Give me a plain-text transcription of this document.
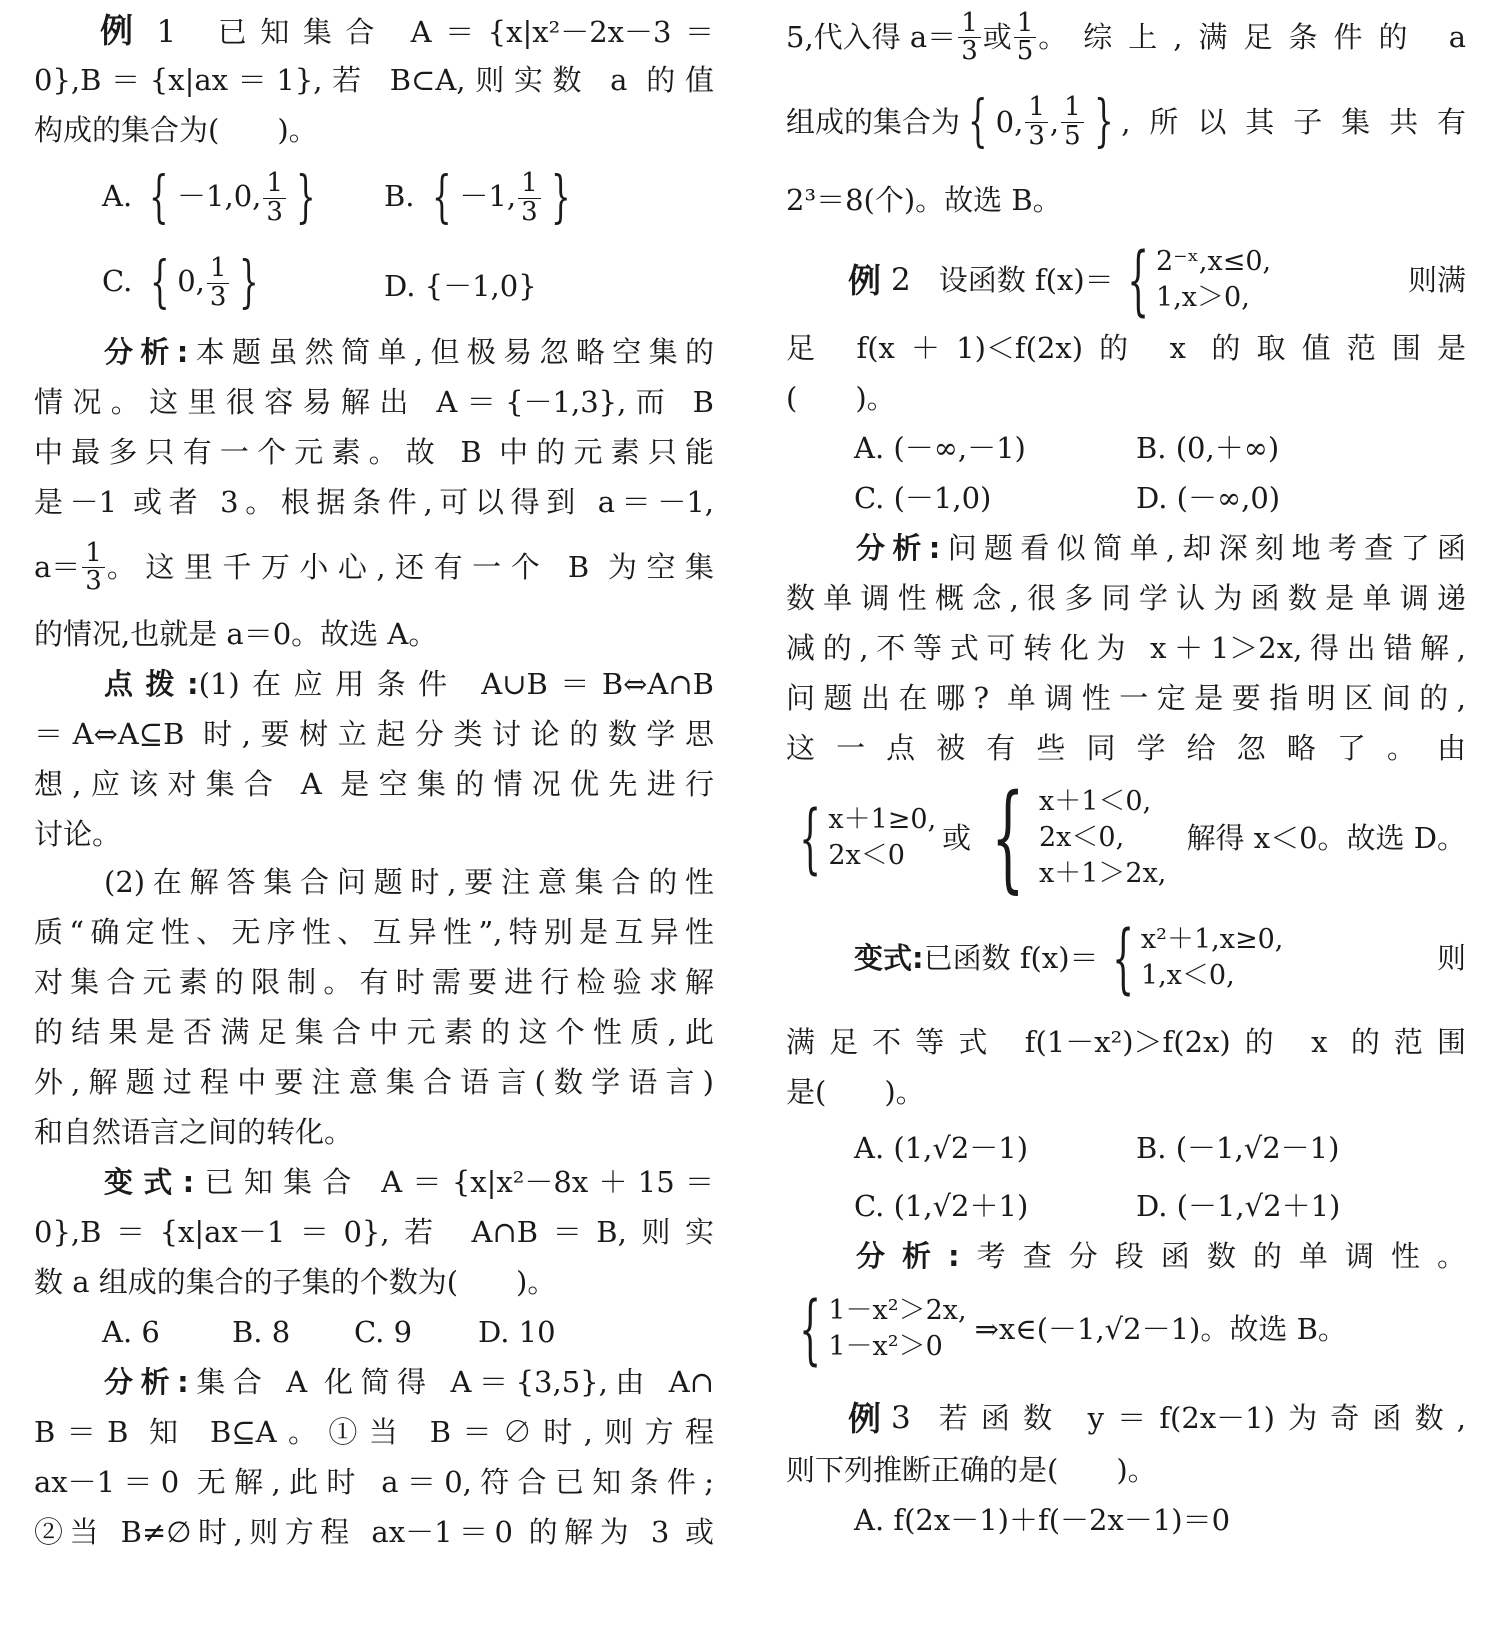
例 1 已知集合 A＝{x|x²－2x－3＝
0},B＝{x|ax＝1},若 B⊂A,则实数 a 的值
构成的集合为(　　)。
A. { －1,0, $\frac{1}{3}$ } B. { －1, $\frac{1}{3}$ }
C. { 0, $\frac{1}{3}$ }	D. {－1,0}
分析:本题虽然简单,但极易忽略空集的
情况。这里很容易解出 A＝{－1,3},而 B
中最多只有一个元素。故 B 中的元素只能
是－1 或者 3。根据条件,可以得到 a＝－1,
$a= \frac{1}{3}$ 。这里千万小心,还有一个 B 为空集
的情况,也就是 a＝0。故选 A。
点拨:(1)在应用条件 A∪B＝B⇔A∩B
＝A⇔A⊆B 时,要树立起分类讨论的数学思
想,应该对集合 A 是空集的情况优先进行
讨论。
(2)在解答集合问题时,要注意集合的性
质“确定性、无序性、互异性”,特别是互异性
对集合元素的限制。有时需要进行检验求解
的结果是否满足集合中元素的这个性质,此
外,解题过程中要注意集合语言(数学语言)
和自然语言之间的转化。
变式:已知集合 A＝{x|x²－8x＋15＝
0},B＝{x|ax－1＝0},若 A∩B＝B,则实
数 a 组成的集合的子集的个数为(　　)。
A. 6 B. 8 C. 9 D. 10
分析:集合 A 化简得 A＝{3,5},由 A∩
B＝B 知 B⊆A。①当 B＝∅时,则方程
ax－1＝0 无解,此时 a＝0,符合已知条件;
②当 B≠∅时,则方程 ax－1＝0 的解为 3 或
5,代入得 $a= \frac{1}{3}$ 或 $\frac{1}{5}$ 。综上,满足条件的 a
组成的集合为 { 0, $\frac{1}{3}$ , $\frac{1}{5}$ } ,所以其子集共有
2³＝8(个)。故选 B。
例 2 设函数 f(x)＝ { 2⁻ˣ,x≤0,
1,x＞0,
则满
足 f(x＋1)＜f(2x)的 x 的取值范围是
(　　)。
A. (－∞,－1)	B. (0,＋∞)
C. (－1,0)	D. (－∞,0)
分析:问题看似简单,却深刻地考查了函
数单调性概念,很多同学认为函数是单调递
减的,不等式可转化为 x＋1＞2x,得出错解,
问题出在哪? 单调性一定是要指明区间的,
这一点被有些同学给忽略了。由
{ x＋1≥0,
2x＜0
或 { x＋1＜0,
2x＜0,
x＋1＞2x,
解得 x＜0。故选 D。
变式: 已函数 f(x)＝ { x²＋1,x≥0,
1,x＜0,
则
满足不等式 f(1－x²)＞f(2x)的 x 的范围
是(　　)。
A. (1,√2－1)	B. (－1,√2－1)
C. (1,√2＋1)	D. (－1,√2＋1)
分析:考查分段函数的单调性。
{ 1－x²＞2x,
1－x²＞0
⇒x∈(－1,√2－1)。故选 B。
例 3 若函数 y＝f(2x－1)为奇函数,
则下列推断正确的是(　　)。
A. f(2x－1)＋f(－2x－1)＝0
